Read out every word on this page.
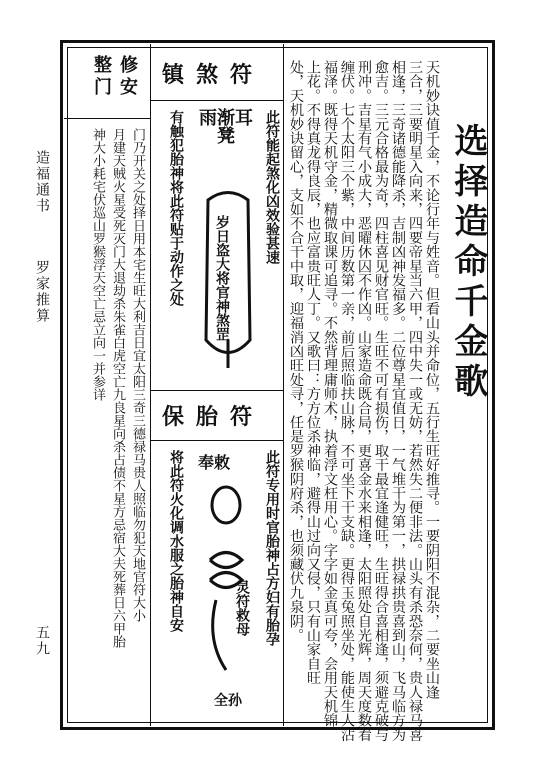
造福通书
罗家推算
五九
选择造命千金歌
天机妙诀值千金，不论行年与姓音。但看山头并命位，五行生旺好推寻。一要阴阳不混杂，二要坐山逢
三合，三要明星入向来，四要帝星当六甲，四中失一或无妨，若然失二便非法。山头有杀恐奈何，贵人禄马喜
相逢，三奇诸德能降杀，吉制凶神发福多。二位尊星宜值日，一气堆干为第一，拱禄拱贵喜到山，飞马临方为
愈吉。三元合格最为奇，四柱喜见财官旺。生旺不可有损伤，取干最宜逢健旺，生旺得合喜相逢，须避克破与
刑冲。吉星有气小成大，恶曜休囚不作凶。山家造命既合局，更喜金水来相逢，太阳照处自光辉，周天度数看
缠伏。七个太阳三个紫，中间历数第一亲，前后照临扶山脉，不可坐下干支缺。更得玉兔照坐处，能使生人沾
福泽。既得天机守金，精微取课可追寻。不然背理庸师术，执着浮文枉用心。字字如金真可夸，会用天机锦
上花。不得真龙得良辰，也应富贵旺人丁。又歌曰：方方位杀神临，避得山过向又侵，只有山家自旺
处，天机妙诀留心，支如不合干中取，迎福消凶旺处寻，任是罗猴阴府杀，也须藏伏九泉阴。
修安
整门
门乃开关之处择日用本宅生旺大利吉日宜太阳三奇三德禄马贵人照临勿犯天地官符大小
月建天贼火星受死灭门大退劫杀朱雀白虎空亡九良星向杀占债不星方忌宿大夫死葬日六甲胎
神大小耗宅伏巡山罗猴浮天空亡忌立向一并参详
镇煞符
此符能起煞化凶效验甚速
有触犯胎神将此符贴于动作之处 雨渐耳凳
岁日盗大将官神煞罡
保胎符
此符专用时官胎神占方妇有胎孕
将此符火化调水服之胎神自安 奉敕
灵符救母
全孙
